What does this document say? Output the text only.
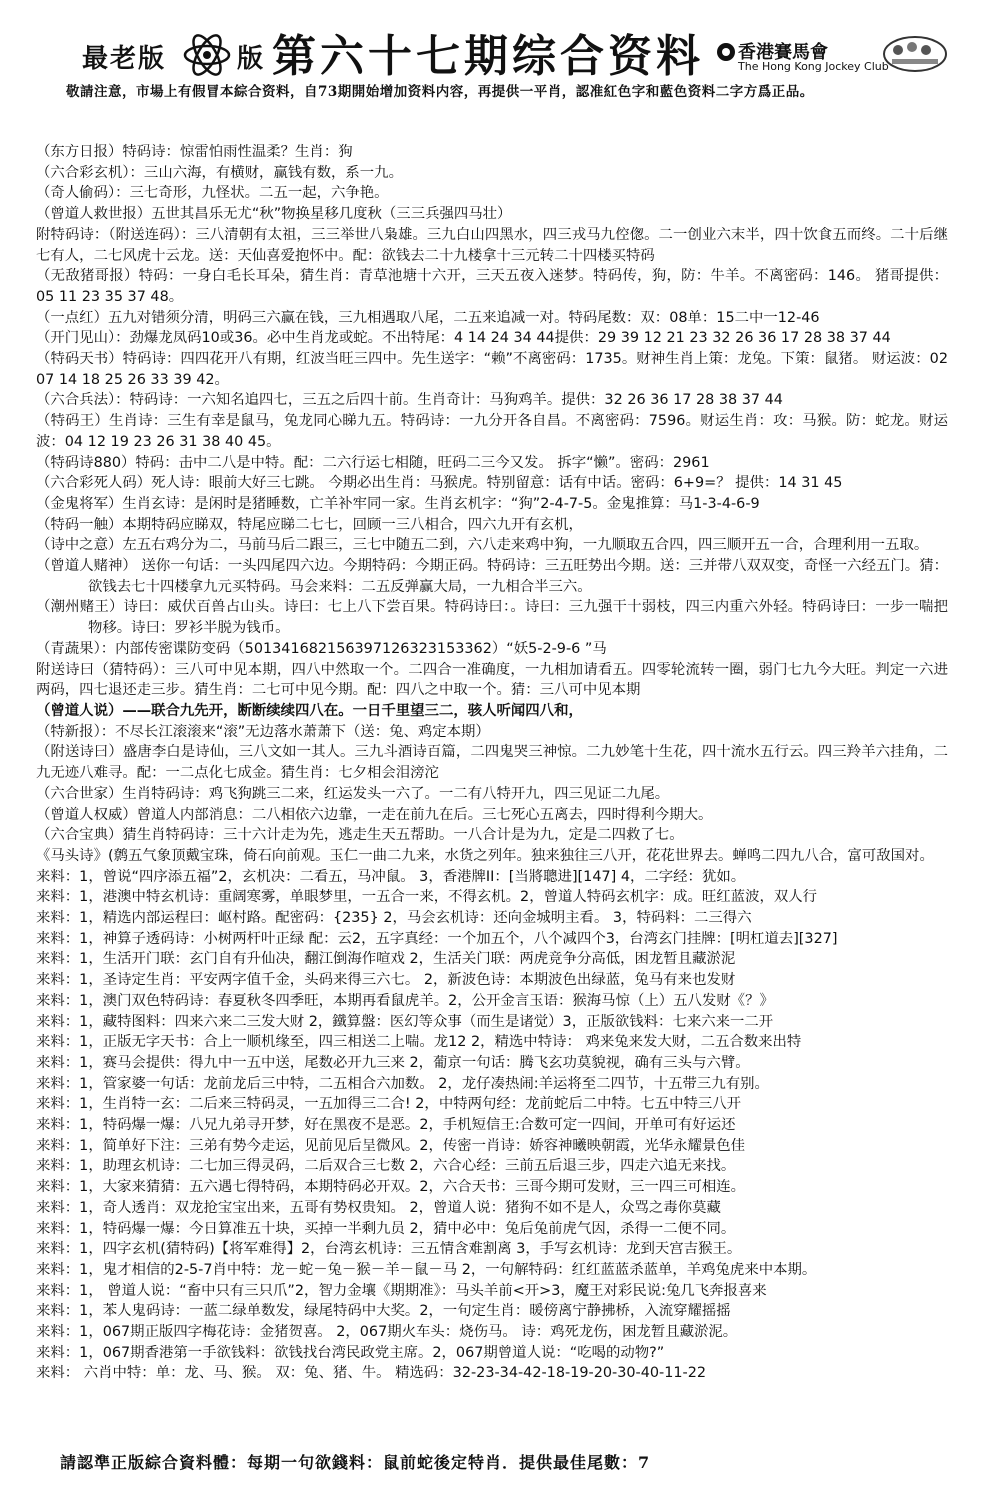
最老版	版 第六十七期综合资料 香港賽馬會
The Hong Kong Jockey Club
敬請注意，市場上有假冒本綜合资料，自73期開始增加资料内容，再提供一平肖，認准紅色字和藍色资料二字方爲正品。

（东方日报）特码诗：惊雷怕雨性温柔？生肖：狗

（六合彩玄机）：三山六海，有横财，赢钱有数，系一九。

（奇人偷码）：三七奇形，九怪状。二五一起，六争艳。

（曾道人救世报）五世其昌乐无尤“秋”物换星移几度秋（三三兵强四马壮）

附特码诗：（附送连码）：三八清朝有太祖，三三举世八枭雄。三九白山四黑水，四三戎马九倥偬。二一创业六末半，四十饮食五而终。二十后继七有人，二七风虎十云龙。送：天仙喜爱抱怀中。配：欲钱去二十九楼拿十三元转二十四楼买特码

（无敌猪哥报）特码：一身白毛长耳朵，猜生肖：青草池塘十六开，三天五夜入迷梦。特码传，狗，防：牛羊。不离密码：146。 猪哥提供：05 11 23 35 37 48。

（一点红）五九对错须分清，明码三六赢在钱，三九相遇取八尾，二五来追减一对。特码尾数：双：08单：15二中一12-46

（开门见山）：劲爆龙凤码10或36。必中生肖龙或蛇。不出特尾：4 14 24 34 44提供：29 39 12 21 23 32 26 36 17 28 38 37 44

（特码天书）特码诗：四四花开八有期，红波当旺三四中。先生送字：“赖”不离密码：1735。财神生肖上策：龙兔。下策：鼠猪。 财运波：02 07 14 18 25 26 33 39 42。

（六合兵法）：特码诗：一六知名追四七，三五之后四十前。生肖奇计：马狗鸡羊。提供：32 26 36 17 28 38 37 44

（特码王）生肖诗：三生有幸是鼠马，兔龙同心睇九五。特码诗：一九分开各自昌。不离密码：7596。财运生肖：攻：马猴。防：蛇龙。财运波：04 12 19 23 26 31 38 40 45。

（特码诗880）特码：击中二八是中特。配：二六行运七相随，旺码二三今又发。 拆字“懒”。密码：2961

（六合彩死人码）死人诗：眼前大好三七跳。 今期必出生肖：马猴虎。特别留意：话有中话。密码：6+9=？ 提供：14 31 45

（金鬼将军）生肖玄诗：是闲时是猪睡数，亡羊补牢同一家。生肖玄机字：“狗”2-4-7-5。金鬼推算：马1-3-4-6-9

（特码一触）本期特码应睇双，特尾应睇二七七，回顾一三八相合，四六九开有玄机，

（诗中之意）左五右鸡分为二，马前马后二跟三，三七中随五二到，六八走来鸡中狗，一九顺取五合四，四三顺开五一合，合理利用一五取。

（曾道人赌神） 送你一句话：一头四尾四六边。今期特码：今期正码。特码诗：三五旺势出今期。送：三并带八双双变，奇怪一六经五门。猜：欲钱去七十四楼拿九元买特码。马会来料：二五反弹赢大局，一九相合半三六。

（潮州赌王）诗曰：威伏百兽占山头。诗曰：七上八下尝百果。特码诗曰：。诗曰：三九强干十弱枝，四三内重六外轻。特码诗曰：一步一喘把物移。诗曰：罗衫半脱为钱币。

（青蔬果）：内部传密谍防变码（501341682156397126323153362）“妖5-2-9-6 ”马

附送诗曰（猜特码）：三八可中见本期，四八中然取一个。二四合一准确度，一九相加请看五。四零轮流转一圈，弱门七九今大旺。判定一六进两码，四七退还走三步。猜生肖：二七可中见今期。配：四八之中取一个。猜：三八可中见本期

（曾道人说）——联合九先开，断断续续四八在。一日千里望三二，骇人听闻四八和，

（特新报）：不尽长江滚滚来“滚”无边落水萧萧下（送：兔、鸡定本期）

（附送诗曰）盛唐李白是诗仙，三八文如一其人。三九斗酒诗百篇，二四鬼哭三神惊。二九妙笔十生花，四十流水五行云。四三羚羊六挂角，二九无迹八难寻。配：一二点化七成金。猜生肖：七夕相会泪滂沱

（六合世家）生肖特码诗：鸡飞狗跳三二来，红运发头一六了。一二有八特开九，四三见证二九尾。

（曾道人权威）曾道人内部消息：二八相依六边靠，一走在前九在后。三七死心五离去，四时得利今期大。

（六合宝典）猜生肖特码诗：三十六计走为先，逃走生天五帮助。一八合计是为九，定是二四救了七。

《马头诗》(鹩五气象顶戴宝珠，倚石向前观。玉仁一曲二九来，水货之列年。独来独往三八开，花花世界去。蝉鸣二四九八合，富可敌国对。

来料：1，曾说“四序添五福”2，玄机决：二看五，马冲鼠。 3，香港牌II：[当將聰进][147] 4，二字经：犹如。

来料：1，港澳中特玄机诗：重阔寒雾，单眼梦里，一五合一来，不得玄机。2，曾道人特码玄机字：成。旺红蓝波，双人行

来料：1，精选内部运程曰：岖村路。配密码：{235} 2，马会玄机诗：还向金城明主看。 3，特码料：二三得六

来料：1，神算子透码诗：小树两杆叶正绿 配：云2，五字真经：一个加五个，八个减四个3，台湾玄门挂牌：[明杠道去][327]

来料：1，生活开门联：玄门自有升仙决，翻江倒海作喧戏 2，生活关门联：两虎竞争分高低，困龙暂且藏淤泥

来料：1，圣诗定生肖：平安两字值千金，头码来得三六七。 2，新波色诗：本期波色出绿蓝，兔马有来也发财

来料：1，澳门双色特码诗：春夏秋冬四季旺，本期再看鼠虎羊。2，公开金言玉语：猴海马惊（上）五八发财《？》

来料：1，藏特图料：四来六来二三发大财 2，鐵算盤：医幻等众事（而生是诸觉）3，正版欲钱料：七来六来一二开

来料：1，正版无字天书：合上一顺机缘至，四三相送二上喘。龙12 2，精选中特诗： 鸡来兔来发大财，二五合数来出特

来料：1，赛马会提供：得九中一五中送，尾数必开九三来 2，葡京一句话：腾飞玄功莫貌视，确有三头与六臂。

来料：1，管家婆一句话：龙前龙后三中特，二五相合六加数。 2，龙仔凑热闹:羊运将至二四节，十五带三九有别。

来料：1，生肖特一玄：二后来三特码灵，一五加得三二合! 2，中特两句经：龙前蛇后二中特。七五中特三八开

来料：1，特码爆一爆：八兄九弟寻开梦，好在黑夜不是恶。2，手机短信王:合数可定一四间，开单可有好运还

来料：1，简单好下注：三弟有势今走运，见前见后呈微风。2，传密一肖诗：娇容神曦映朝霞，光华永耀景色佳

来料：1，助理玄机诗：二七加三得灵码，二后双合三七数 2，六合心经：三前五后退三步，四走六追无来找。

来料：1，大家来猜猜：五六遇七得特码，本期特码必开双。2，六合天书：三哥今期可发财，三一四三可相连。

来料：1，奇人透肖：双龙抢宝宝出来，五哥有势权贵知。 2，曾道人说：猪狗不如不是人，众骂之毒你莫藏

来料：1，特码爆一爆：今日算准五十块，买掉一半剩九员 2，猜中必中：兔后兔前虎气因，杀得一二便不同。

来料：1，四字玄机(猜特码)【将军难得】2，台湾玄机诗：三五情含难割离 3，手写玄机诗：龙到天宫吉猴王。

来料：1，鬼才相信的2-5-7肖中特：龙－蛇－兔－猴－羊－鼠－马 2，一句解特码：红红蓝蓝杀蓝单，羊鸡兔虎来中本期。

来料：1， 曾道人说：“畜中只有三只爪”2，智力金壤《期期准》：马头羊前<开>3，魔王对彩民说:兔几飞奔报喜来

来料：1，苯人鬼码诗：一蓝二绿单数发，绿尾特码中大奖。2，一句定生肖：暖傍离宁静拂桥，入流穿耀摇摇

来料：1，067期正版四字梅花诗：金猪贺喜。 2，067期火车头：烧伤马。 诗：鸡死龙伤，困龙暂且藏淤泥。

来料：1，067期香港第一手欲钱料：欲钱找台湾民政党主席。2，067期曾道人说：“吃喝的动物?”

来料： 六肖中特：单：龙、马、猴。 双：兔、猪、牛。 精选码：32-23-34-42-18-19-20-30-40-11-22

請認準正版綜合資料體：每期一句欲錢料：鼠前蛇後定特肖．提供最佳尾數：7
